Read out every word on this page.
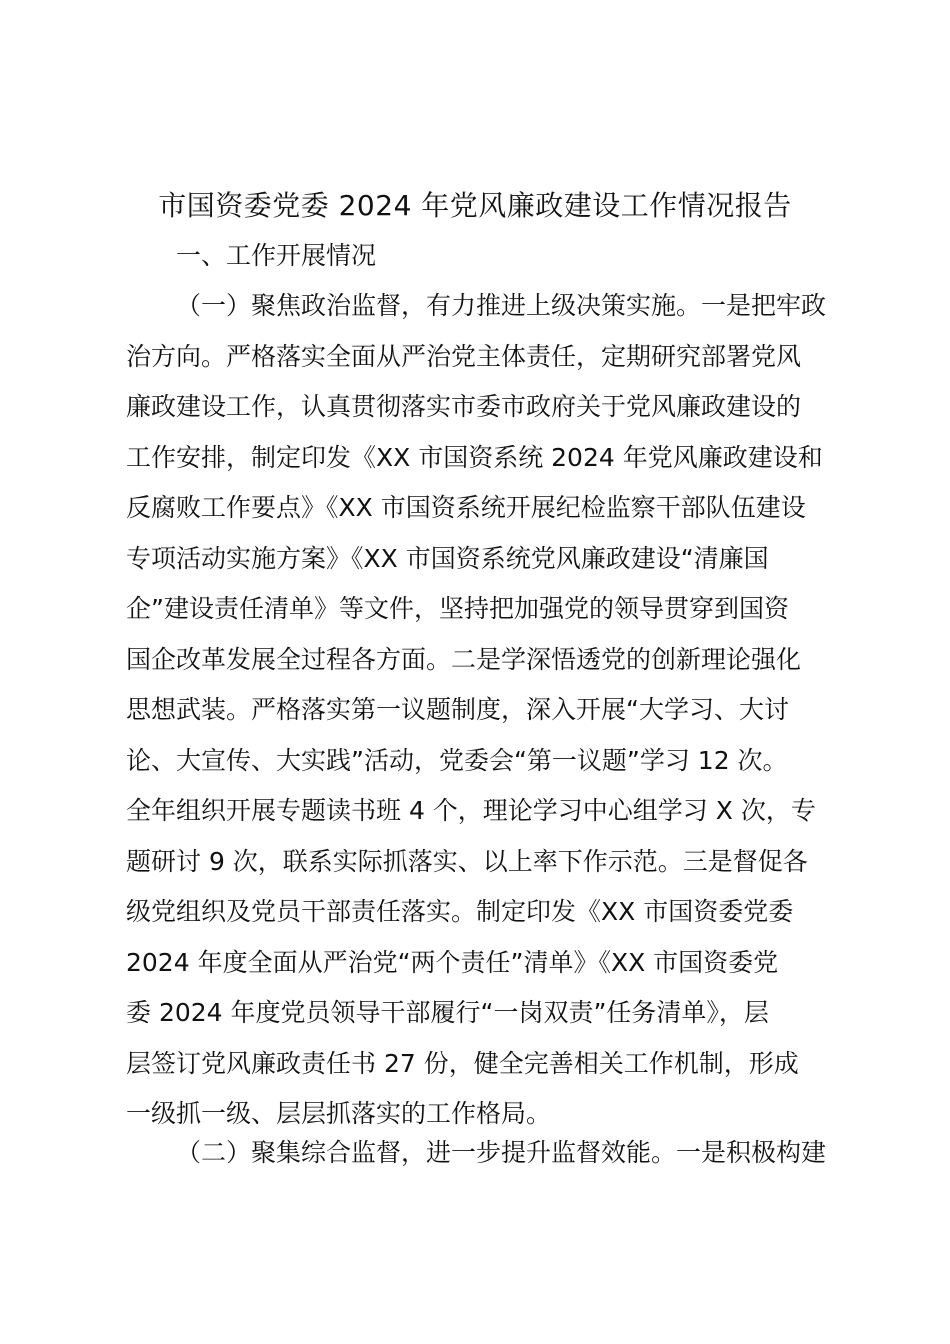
市国资委党委 2024 年党风廉政建设工作情况报告
一、工作开展情况
（一）聚焦政治监督，有力推进上级决策实施。一是把牢政
治方向。严格落实全面从严治党主体责任，定期研究部署党风
廉政建设工作，认真贯彻落实市委市政府关于党风廉政建设的
工作安排，制定印发《XX 市国资系统 2024 年党风廉政建设和
反腐败工作要点》《XX 市国资系统开展纪检监察干部队伍建设
专项活动实施方案》《XX 市国资系统党风廉政建设“清廉国
企”建设责任清单》等文件，坚持把加强党的领导贯穿到国资
国企改革发展全过程各方面。二是学深悟透党的创新理论强化
思想武装。严格落实第一议题制度，深入开展“大学习、大讨
论、大宣传、大实践”活动，党委会“第一议题”学习 12 次。
全年组织开展专题读书班 4 个，理论学习中心组学习 X 次，专
题研讨 9 次，联系实际抓落实、以上率下作示范。三是督促各
级党组织及党员干部责任落实。制定印发《XX 市国资委党委
2024 年度全面从严治党“两个责任”清单》《XX 市国资委党
委 2024 年度党员领导干部履行“一岗双责”任务清单》，层
层签订党风廉政责任书 27 份，健全完善相关工作机制，形成
一级抓一级、层层抓落实的工作格局。
（二）聚集综合监督，进一步提升监督效能。一是积极构建
